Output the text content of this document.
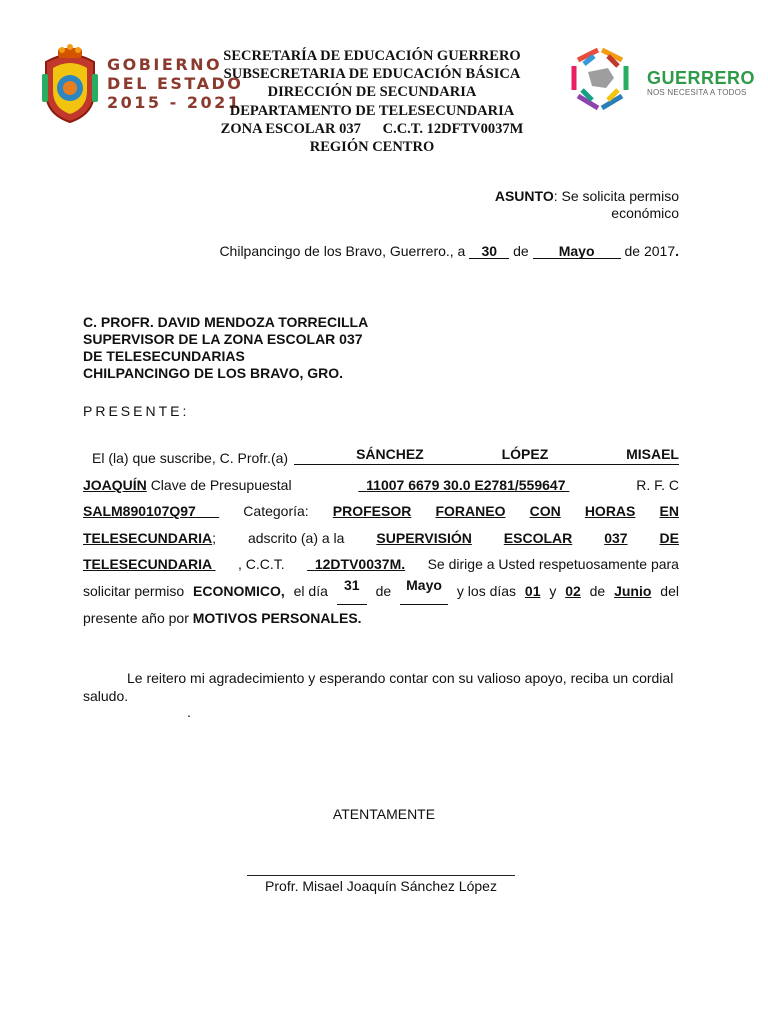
GOBIERNO
DEL ESTADO
2015 - 2021
SECRETARÍA DE EDUCACIÓN GUERRERO
SUBSECRETARIA DE EDUCACIÓN BÁSICA
DIRECCIÓN DE SECUNDARIA
DEPARTAMENTO DE TELESECUNDARIA
ZONA ESCOLAR 037      C.C.T. 12DFTV0037M
REGIÓN CENTRO
GUERRERO
NOS NECESITA A TODOS
ASUNTO: Se solicita permiso
económico
Chilpancingo de los Bravo, Guerrero., a 30 de Mayo de 2017.
C. PROFR. DAVID MENDOZA TORRECILLA
SUPERVISOR DE LA ZONA ESCOLAR 037
DE TELESECUNDARIAS
CHILPANCINGO DE LOS BRAVO, GRO.
PRESENTE:
El (la) que suscribe, C. Profr.(a)	SÁNCHEZ	LÓPEZ	MISAEL
JOAQUÍN Clave de Presupuestal	11007 6679 30.0 E2781/559647	R. F. C
SALM890107Q97	Categoría: PROFESOR FORANEO CON HORAS EN
TELESECUNDARIA; adscrito (a) a la SUPERVISIÓN ESCOLAR 037 DE
TELESECUNDARIA , C.C.T.	12DTV0037M. Se dirige a Usted respetuosamente para
solicitar permiso ECONOMICO, el día	31	de	Mayo	y los días 01 y 02 de Junio del
presente año por MOTIVOS PERSONALES.
Le reitero mi agradecimiento y esperando contar con su valioso apoyo, reciba un cordial saludo.
.
ATENTAMENTE
Profr. Misael Joaquín Sánchez López
